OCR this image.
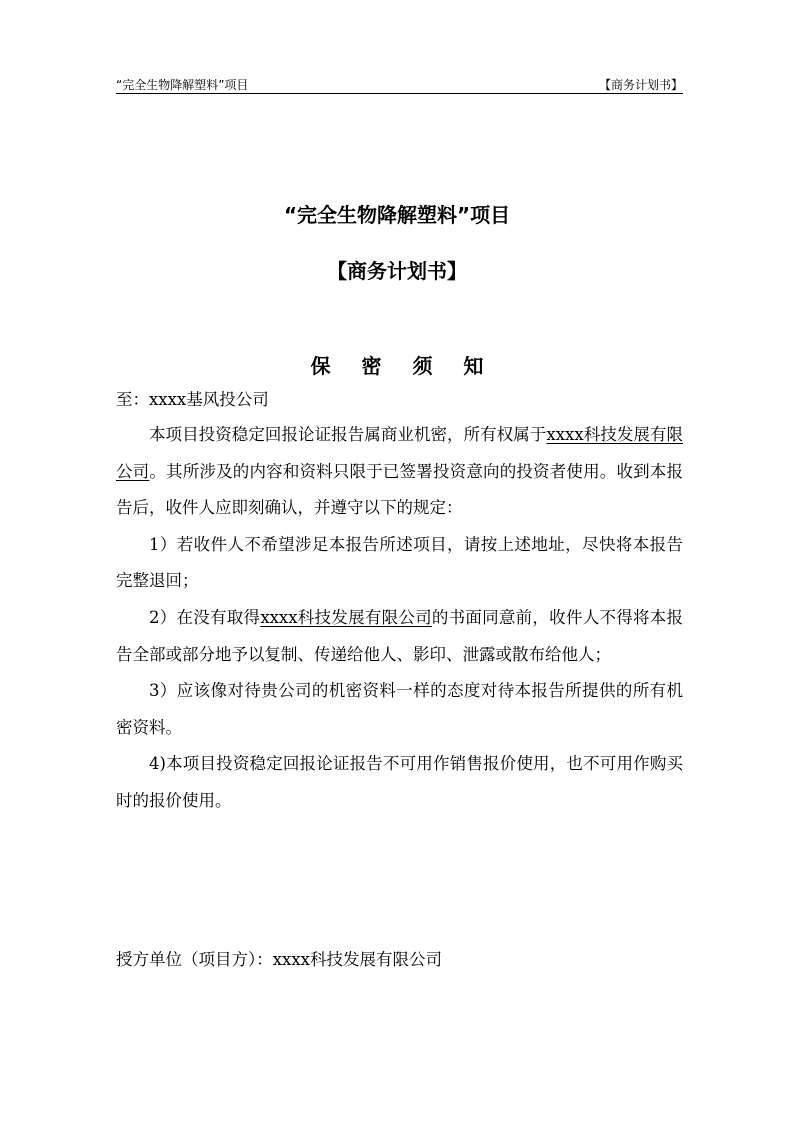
“完全生物降解塑料”项目	【商务计划书】
“完全生物降解塑料”项目
【商务计划书】
保 密 须 知

至：xxxx基风投公司

本项目投资稳定回报论证报告属商业机密，所有权属于xxxx科技发展有限公司。其所涉及的内容和资料只限于已签署投资意向的投资者使用。收到本报告后，收件人应即刻确认，并遵守以下的规定：

1）若收件人不希望涉足本报告所述项目，请按上述地址，尽快将本报告完整退回；

2）在没有取得xxxx科技发展有限公司的书面同意前，收件人不得将本报告全部或部分地予以复制、传递给他人、影印、泄露或散布给他人；

3）应该像对待贵公司的机密资料一样的态度对待本报告所提供的所有机密资料。

4)本项目投资稳定回报论证报告不可用作销售报价使用，也不可用作购买时的报价使用。

授方单位（项目方）：xxxx科技发展有限公司
